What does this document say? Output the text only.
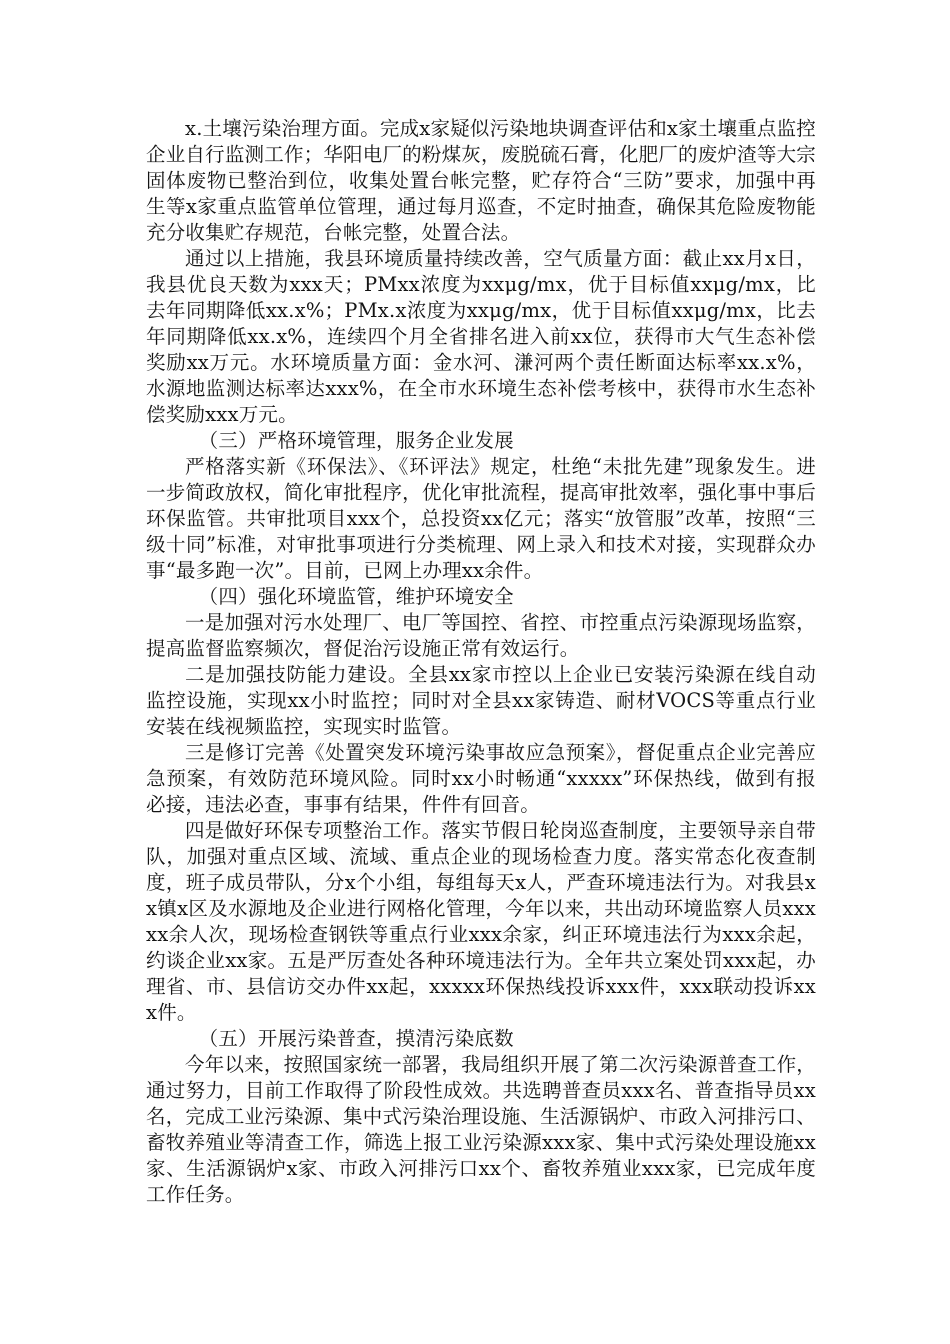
x.土壤污染治理方面。完成x家疑似污染地块调查评估和x家土壤重点监控企业自行监测工作；华阳电厂的粉煤灰，废脱硫石膏，化肥厂的废炉渣等大宗固体废物已整治到位，收集处置台帐完整，贮存符合“三防”要求，加强中再生等x家重点监管单位管理，通过每月巡查，不定时抽查，确保其危险废物能充分收集贮存规范，台帐完整，处置合法。

通过以上措施，我县环境质量持续改善，空气质量方面：截止xx月x日，我县优良天数为xxx天；PMxx浓度为xxμg/mx，优于目标值xxμg/mx，比去年同期降低xx.x%；PMx.x浓度为xxμg/mx，优于目标值xxμg/mx，比去年同期降低xx.x%，连续四个月全省排名进入前xx位，获得市大气生态补偿奖励xx万元。水环境质量方面：金水河、溓河两个责任断面达标率xx.x%，水源地监测达标率达xxx%，在全市水环境生态补偿考核中，获得市水生态补偿奖励xxx万元。

（三）严格环境管理，服务企业发展

严格落实新《环保法》、《环评法》规定，杜绝“未批先建”现象发生。进一步简政放权，简化审批程序，优化审批流程，提高审批效率，强化事中事后环保监管。共审批项目xxx个，总投资xx亿元；落实“放管服”改革，按照“三级十同”标准，对审批事项进行分类梳理、网上录入和技术对接，实现群众办事“最多跑一次”。目前，已网上办理xx余件。

（四）强化环境监管，维护环境安全

一是加强对污水处理厂、电厂等国控、省控、市控重点污染源现场监察，提高监督监察频次，督促治污设施正常有效运行。

二是加强技防能力建设。全县xx家市控以上企业已安装污染源在线自动监控设施，实现xx小时监控；同时对全县xx家铸造、耐材VOCS等重点行业安装在线视频监控，实现实时监管。

三是修订完善《处置突发环境污染事故应急预案》，督促重点企业完善应急预案，有效防范环境风险。同时xx小时畅通“xxxxx”环保热线，做到有报必接，违法必查，事事有结果，件件有回音。

四是做好环保专项整治工作。落实节假日轮岗巡查制度，主要领导亲自带队，加强对重点区域、流域、重点企业的现场检查力度。落实常态化夜查制度，班子成员带队，分x个小组，每组每天x人，严查环境违法行为。对我县xx镇x区及水源地及企业进行网格化管理，今年以来，共出动环境监察人员xxxxx余人次，现场检查钢铁等重点行业xxx余家，纠正环境违法行为xxx余起，约谈企业xx家。五是严厉查处各种环境违法行为。全年共立案处罚xxx起，办理省、市、县信访交办件xx起，xxxxx环保热线投诉xxx件，xxx联动投诉xxx件。

（五）开展污染普查，摸清污染底数

今年以来，按照国家统一部署，我局组织开展了第二次污染源普查工作，通过努力，目前工作取得了阶段性成效。共选聘普查员xxx名、普查指导员xx名，完成工业污染源、集中式污染治理设施、生活源锅炉、市政入河排污口、畜牧养殖业等清查工作，筛选上报工业污染源xxx家、集中式污染处理设施xx家、生活源锅炉x家、市政入河排污口xx个、畜牧养殖业xxx家，已完成年度工作任务。
